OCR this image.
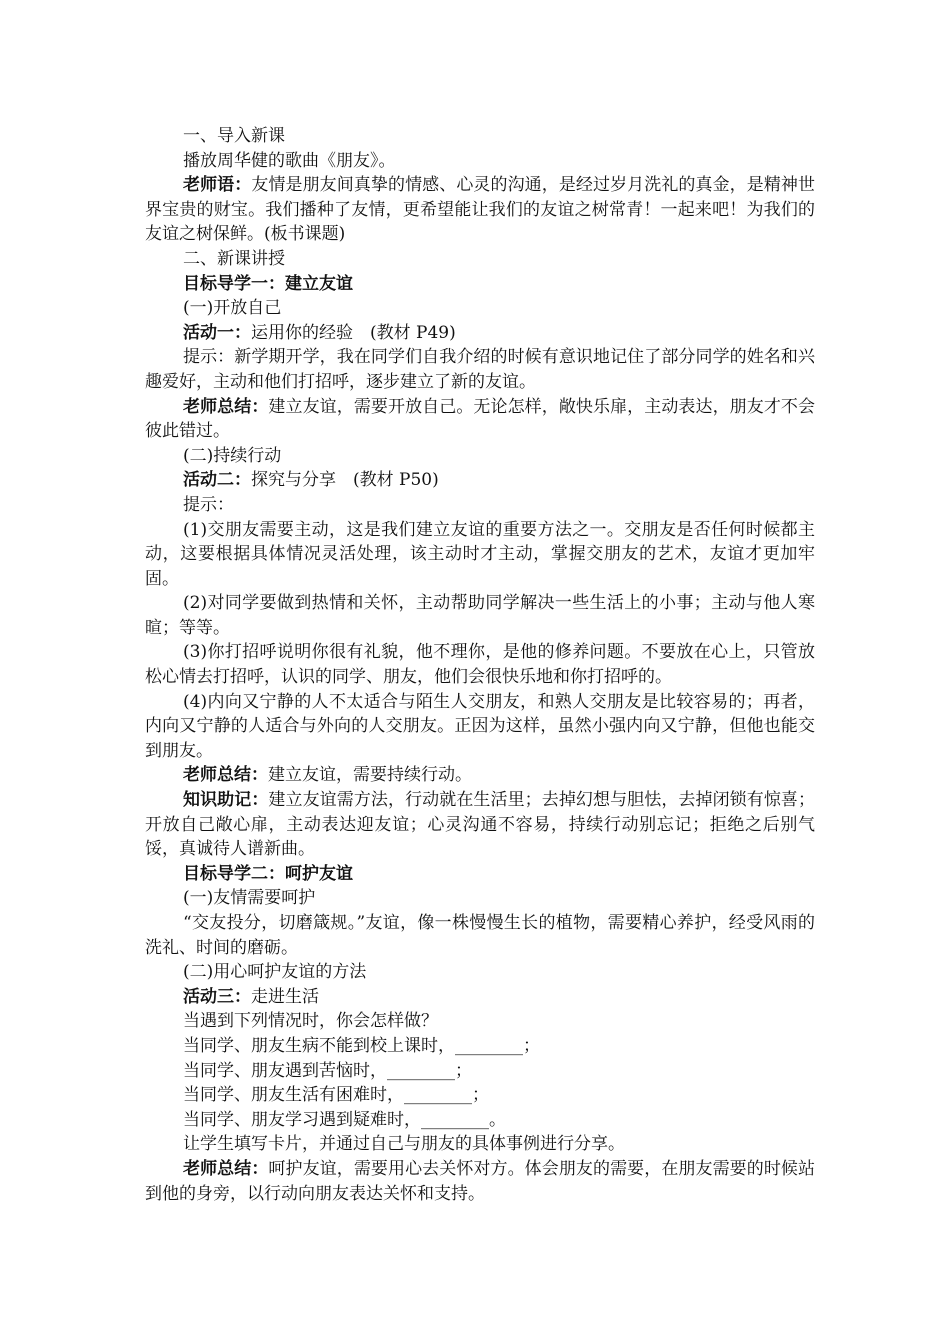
一、导入新课

播放周华健的歌曲《朋友》。

老师语：友情是朋友间真挚的情感、心灵的沟通，是经过岁月洗礼的真金，是精神世界宝贵的财宝。我们播种了友情，更希望能让我们的友谊之树常青！一起来吧！为我们的友谊之树保鲜。(板书课题)

二、新课讲授

目标导学一：建立友谊

(一)开放自己

活动一：运用你的经验　(教材 P49)

提示：新学期开学，我在同学们自我介绍的时候有意识地记住了部分同学的姓名和兴趣爱好，主动和他们打招呼，逐步建立了新的友谊。

老师总结：建立友谊，需要开放自己。无论怎样，敞快乐扉，主动表达，朋友才不会彼此错过。

(二)持续行动

活动二：探究与分享　(教材 P50)

提示：

(1)交朋友需要主动，这是我们建立友谊的重要方法之一。交朋友是否任何时候都主动，这要根据具体情况灵活处理，该主动时才主动，掌握交朋友的艺术，友谊才更加牢固。

(2)对同学要做到热情和关怀，主动帮助同学解决一些生活上的小事；主动与他人寒暄；等等。

(3)你打招呼说明你很有礼貌，他不理你，是他的修养问题。不要放在心上，只管放松心情去打招呼，认识的同学、朋友，他们会很快乐地和你打招呼的。

(4)内向又宁静的人不太适合与陌生人交朋友，和熟人交朋友是比较容易的；再者，内向又宁静的人适合与外向的人交朋友。正因为这样，虽然小强内向又宁静，但他也能交到朋友。

老师总结：建立友谊，需要持续行动。

知识助记：建立友谊需方法，行动就在生活里；去掉幻想与胆怯，去掉闭锁有惊喜；开放自己敞心扉，主动表达迎友谊；心灵沟通不容易，持续行动别忘记；拒绝之后别气馁，真诚待人谱新曲。

目标导学二：呵护友谊

(一)友情需要呵护

“交友投分，切磨箴规。”友谊，像一株慢慢生长的植物，需要精心养护，经受风雨的洗礼、时间的磨砺。

(二)用心呵护友谊的方法

活动三：走进生活

当遇到下列情况时，你会怎样做？

当同学、朋友生病不能到校上课时，________；

当同学、朋友遇到苦恼时，________；

当同学、朋友生活有困难时，________；

当同学、朋友学习遇到疑难时，________。

让学生填写卡片，并通过自己与朋友的具体事例进行分享。

老师总结：呵护友谊，需要用心去关怀对方。体会朋友的需要，在朋友需要的时候站到他的身旁，以行动向朋友表达关怀和支持。
